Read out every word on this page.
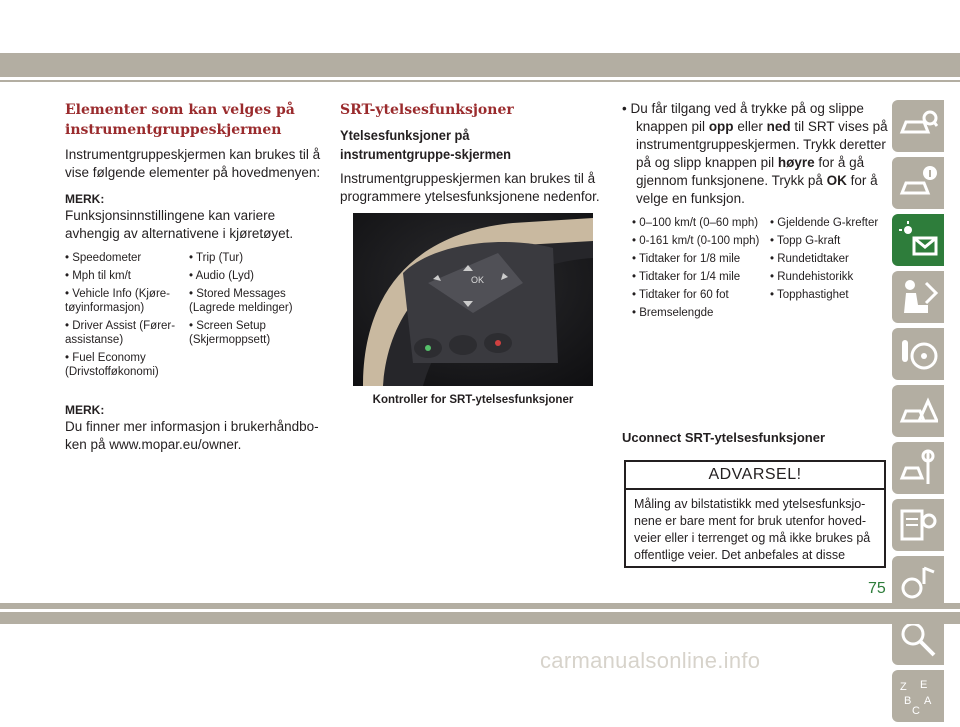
Elementer som kan velges på instrumentgruppeskjermen

Instrumentgruppeskjermen kan brukes til å vise følgende elementer på hovedmenyen:

MERK:

Funksjonsinnstillingene kan variere avhengig av alternativene i kjøretøyet.

• Speedometer	• Trip (Tur)
• Mph til km/t	• Audio (Lyd)
• Vehicle Info (Kjøre-tøyinformasjon)
• Stored Messages (Lagrede meldinger)
• Driver Assist (Fører-assistanse)
• Screen Setup (Skjermoppsett)
• Fuel Economy (Drivstofføkonomi)
MERK:

Du finner mer informasjon i brukerhåndbo-ken på www.mopar.eu/owner.

SRT-ytelsesfunksjoner
Ytelsesfunksjoner på instrumentgruppe-skjermen

Instrumentgruppeskjermen kan brukes til å programmere ytelsesfunksjonene nedenfor.

OK
Kontroller for SRT-ytelsesfunksjoner

• Du får tilgang ved å trykke på og slippe knappen pil opp eller ned til SRT vises på instrumentgruppeskjermen. Trykk deretter på og slipp knappen pil høyre for å gå gjennom funksjonene. Trykk på OK for å velge en funksjon.

• 0–100 km/t (0–60 mph)	• Gjeldende G-krefter
• 0-161 km/t (0-100 mph) • Topp G-kraft
• Tidtaker for 1/8 mile	• Rundetidtaker
• Tidtaker for 1/4 mile	• Rundehistorikk
• Tidtaker for 60 fot	• Topphastighet
• Bremselengde
Uconnect SRT-ytelsesfunksjoner
ADVARSEL!
Måling av bilstatistikk med ytelsesfunksjo-nene er bare ment for bruk utenfor hoved-veier eller i terrenget og må ikke brukes på offentlige veier. Det anbefales at disse
Z E
B A
C
75
carmanualsonline.info
